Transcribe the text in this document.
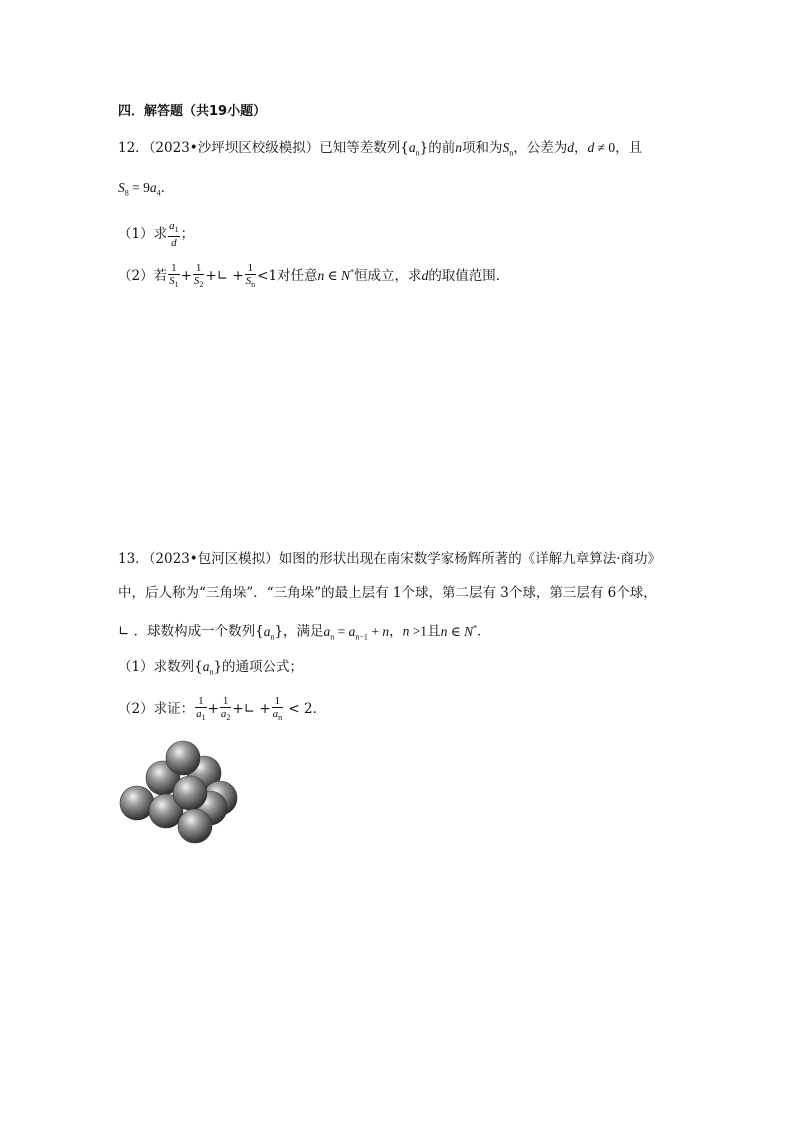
四．解答题（共19小题）
12．（2023•沙坪坝区校级模拟）已知等差数列$\{a_n\}$的前n项和为$S_n$，公差为d，d ≠ 0，且
$S_8 = 9a_4$．
（1）求 $\frac{a_1}{d}$ ；
（2）若 $\frac{1}{S_1} + \frac{1}{S_2}$ +∟ + $\frac{1}{S_n} <1$对任意n ∈ N*恒成立，求d的取值范围．
13．（2023•包河区模拟）如图的形状出现在南宋数学家杨辉所著的《详解九章算法·商功》
中，后人称为“三角垛”．“三角垛”的最上层有 1个球，第二层有 3个球，第三层有 6个球，
∟ ．球数构成一个数列$\{a_n\}$，满足$a_n = a_{n-1} + n$，n >1且n ∈ N*．
（1）求数列$\{a_n\}$的通项公式；
（2）求证： $\frac{1}{a_1} + \frac{1}{a_2}$ +∟ + $\frac{1}{a_n} < 2$．
